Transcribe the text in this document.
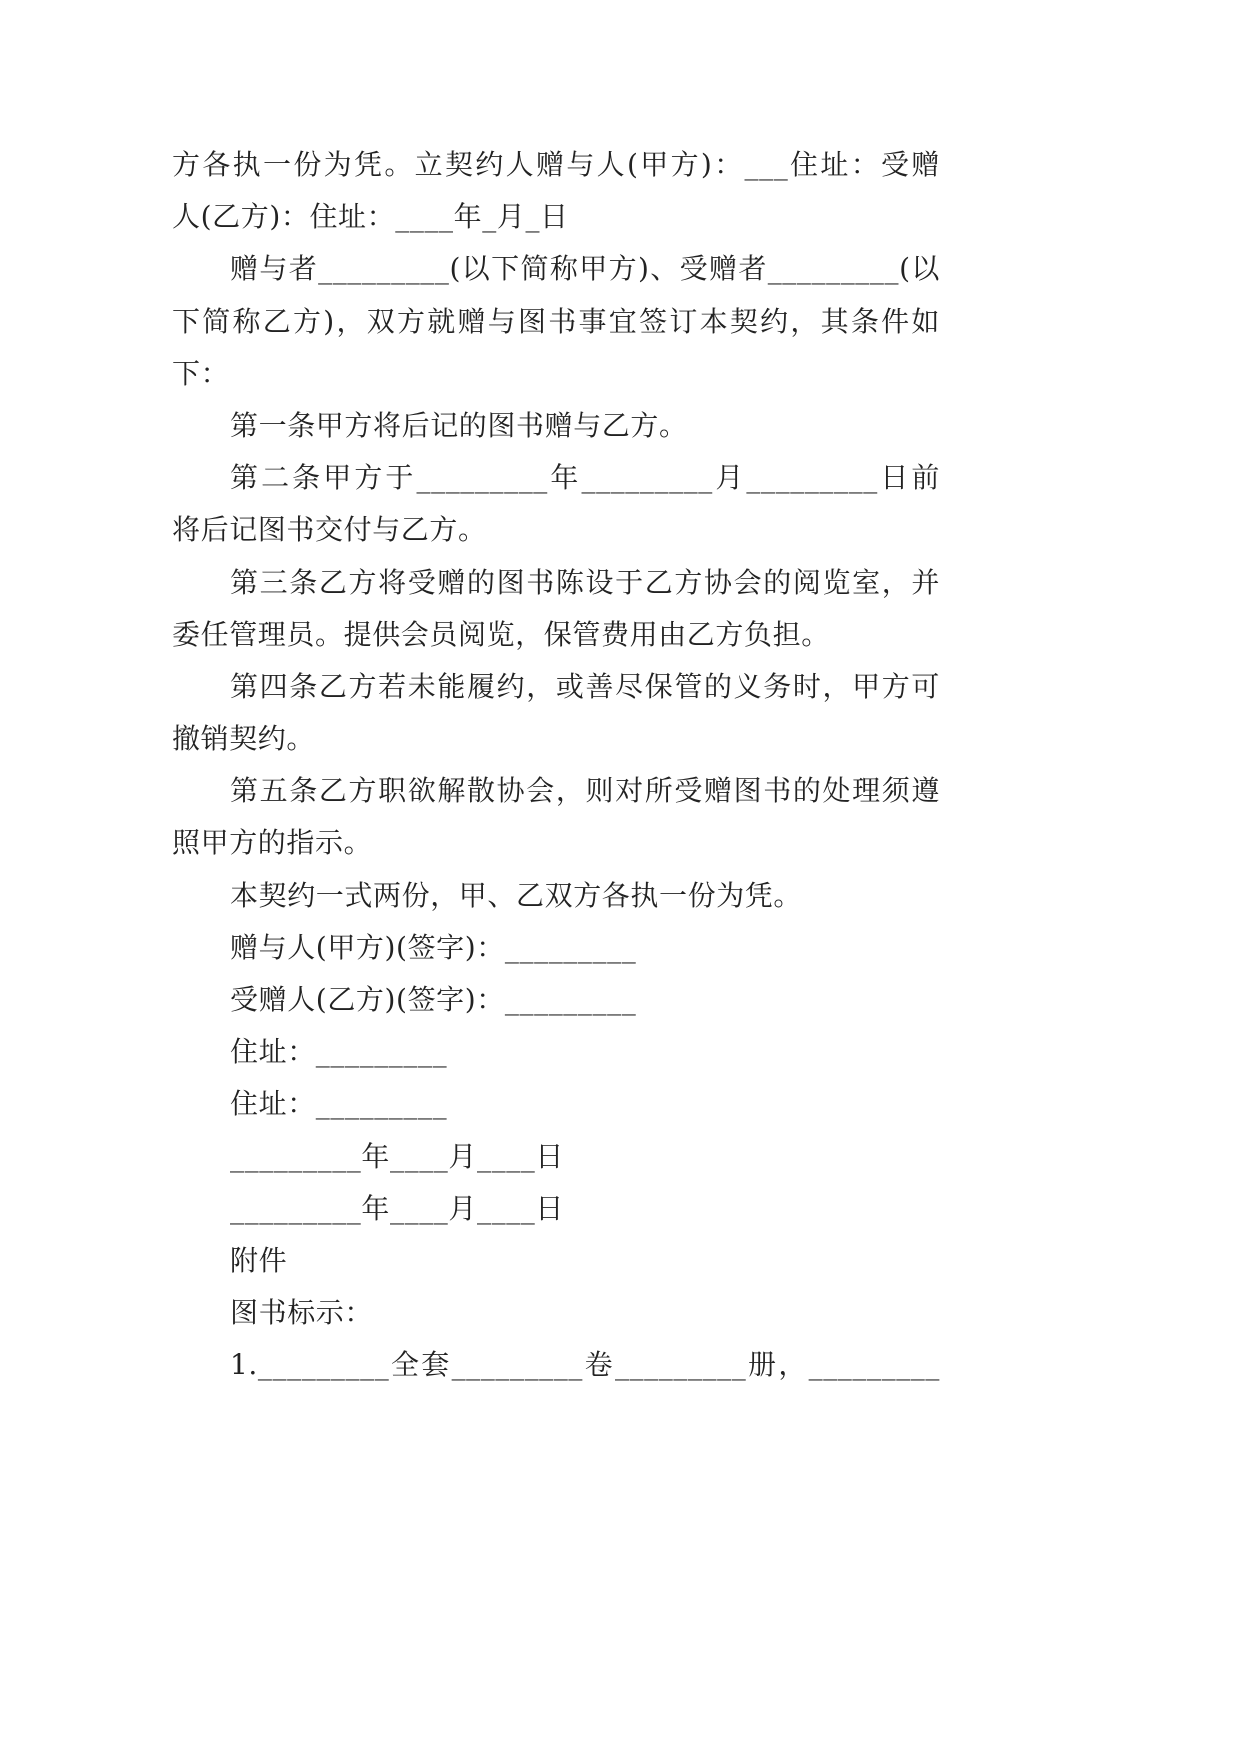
方各执一份为凭。立契约人赠与人(甲方)：___住址：受赠
人(乙方)：住址：____年_月_日
赠与者_________(以下简称甲方)、受赠者_________(以
下简称乙方)，双方就赠与图书事宜签订本契约，其条件如
下：
第一条甲方将后记的图书赠与乙方。
第二条甲方于_________年_________月_________日前
将后记图书交付与乙方。
第三条乙方将受赠的图书陈设于乙方协会的阅览室，并
委任管理员。提供会员阅览，保管费用由乙方负担。
第四条乙方若未能履约，或善尽保管的义务时，甲方可
撤销契约。
第五条乙方职欲解散协会，则对所受赠图书的处理须遵
照甲方的指示。
本契约一式两份，甲、乙双方各执一份为凭。
赠与人(甲方)(签字)：_________
受赠人(乙方)(签字)：_________
住址：_________
住址：_________
_________年____月____日
_________年____月____日
附件
图书标示：
1._________全套_________卷_________册，_________
